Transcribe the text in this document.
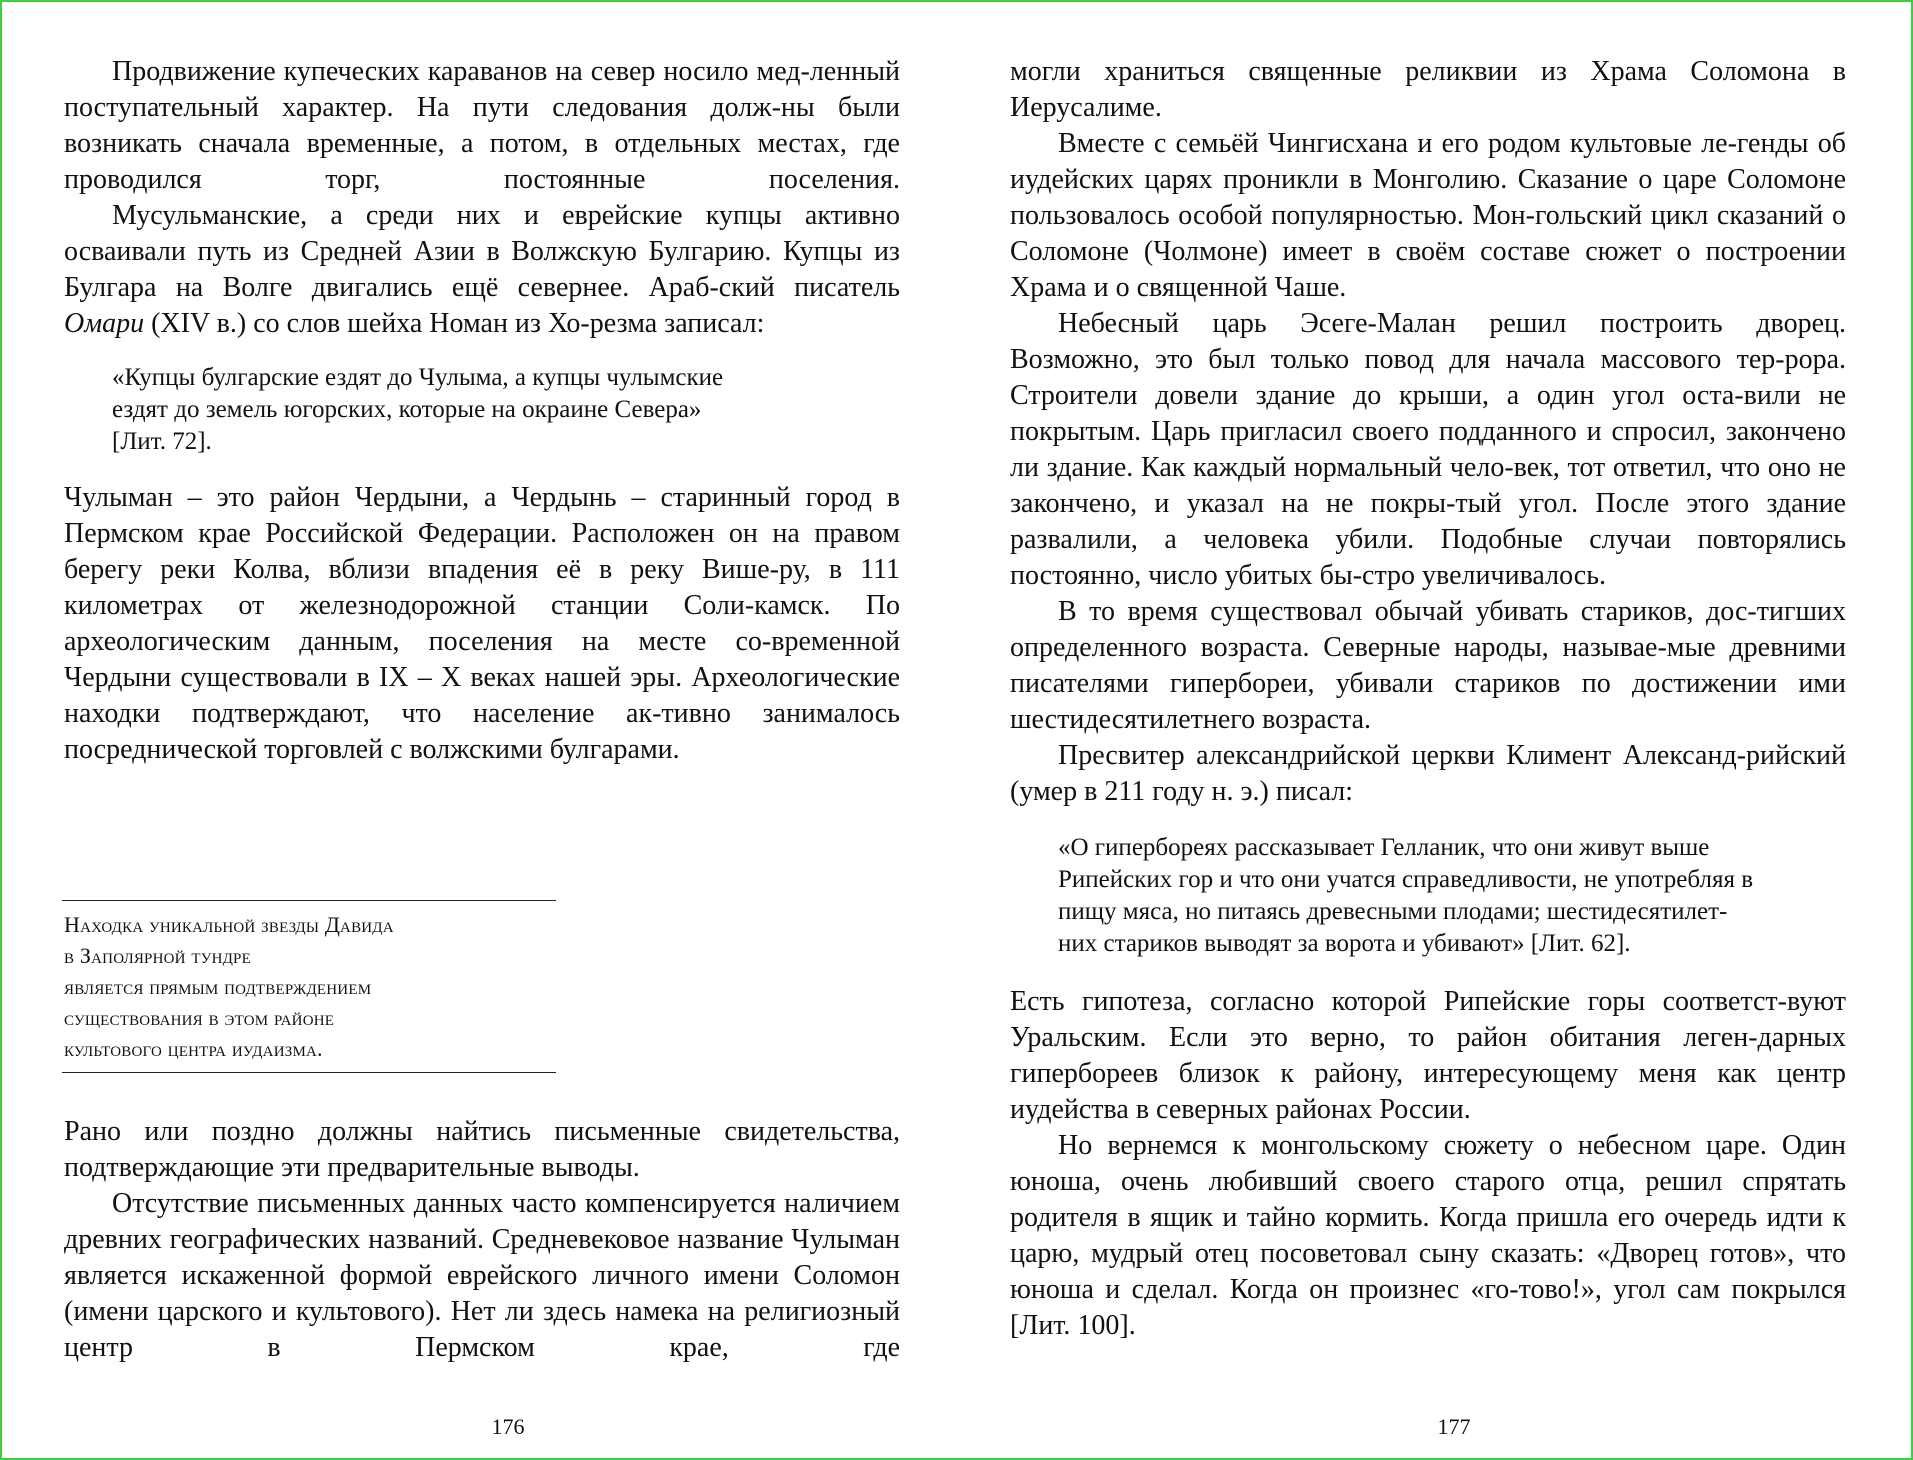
Продвижение купеческих караванов на север носило мед-ленный поступательный характер. На пути следования долж-ны были возникать сначала временные, а потом, в отдельных местах, где проводился торг, постоянные поселения.

Мусульманские, а среди них и еврейские купцы активно осваивали путь из Средней Азии в Волжскую Булгарию. Купцы из Булгара на Волге двигались ещё севернее. Араб-ский писатель Омари (XIV в.) со слов шейха Номан из Хо-резма записал:

«Купцы булгарские ездят до Чулыма, а купцы чулымские
ездят до земель югорских, которые на окраине Севера»
[Лит. 72].

Чулыман – это район Чердыни, а Чердынь – старинный город в Пермском крае Российской Федерации. Расположен он на правом берегу реки Колва, вблизи впадения её в реку Више-ру, в 111 километрах от железнодорожной станции Соли-камск. По археологическим данным, поселения на месте со-временной Чердыни существовали в IX – X веках нашей эры. Археологические находки подтверждают, что население ак-тивно занималось посреднической торговлей с волжскими булгарами.

Находка уникальной звезды Давида
в Заполярной тундре
является прямым подтверждением
существования в этом районе
культового центра иудаизма.

Рано или поздно должны найтись письменные свидетельства, подтверждающие эти предварительные выводы.

Отсутствие письменных данных часто компенсируется наличием древних географических названий. Средневековое название Чулыман является искаженной формой еврейского личного имени Соломон (имени царского и культового). Нет ли здесь намека на религиозный центр в Пермском крае, где

176

могли храниться священные реликвии из Храма Соломона в Иерусалиме.

Вместе с семьёй Чингисхана и его родом культовые ле-генды об иудейских царях проникли в Монголию. Сказание о царе Соломоне пользовалось особой популярностью. Мон-гольский цикл сказаний о Соломоне (Чолмоне) имеет в своём составе сюжет о построении Храма и о священной Чаше.

Небесный царь Эсеге-Малан решил построить дворец. Возможно, это был только повод для начала массового тер-рора. Строители довели здание до крыши, а один угол оста-вили не покрытым. Царь пригласил своего подданного и спросил, закончено ли здание. Как каждый нормальный чело-век, тот ответил, что оно не закончено, и указал на не покры-тый угол. После этого здание развалили, а человека убили. Подобные случаи повторялись постоянно, число убитых бы-стро увеличивалось.

В то время существовал обычай убивать стариков, дос-тигших определенного возраста. Северные народы, называе-мые древними писателями гипербореи, убивали стариков по достижении ими шестидесятилетнего возраста.

Пресвитер александрийской церкви Климент Александ-рийский (умер в 211 году н. э.) писал:

«О гипербореях рассказывает Гелланик, что они живут выше
Рипейских гор и что они учатся справедливости, не употребляя в
пищу мяса, но питаясь древесными плодами; шестидесятилет-
них стариков выводят за ворота и убивают» [Лит. 62].

Есть гипотеза, согласно которой Рипейские горы соответст-вуют Уральским. Если это верно, то район обитания леген-дарных гипербореев близок к району, интересующему меня как центр иудейства в северных районах России.

Но вернемся к монгольскому сюжету о небесном царе. Один юноша, очень любивший своего старого отца, решил спрятать родителя в ящик и тайно кормить. Когда пришла его очередь идти к царю, мудрый отец посоветовал сыну сказать: «Дворец готов», что юноша и сделал. Когда он произнес «го-тово!», угол сам покрылся [Лит. 100].

177
